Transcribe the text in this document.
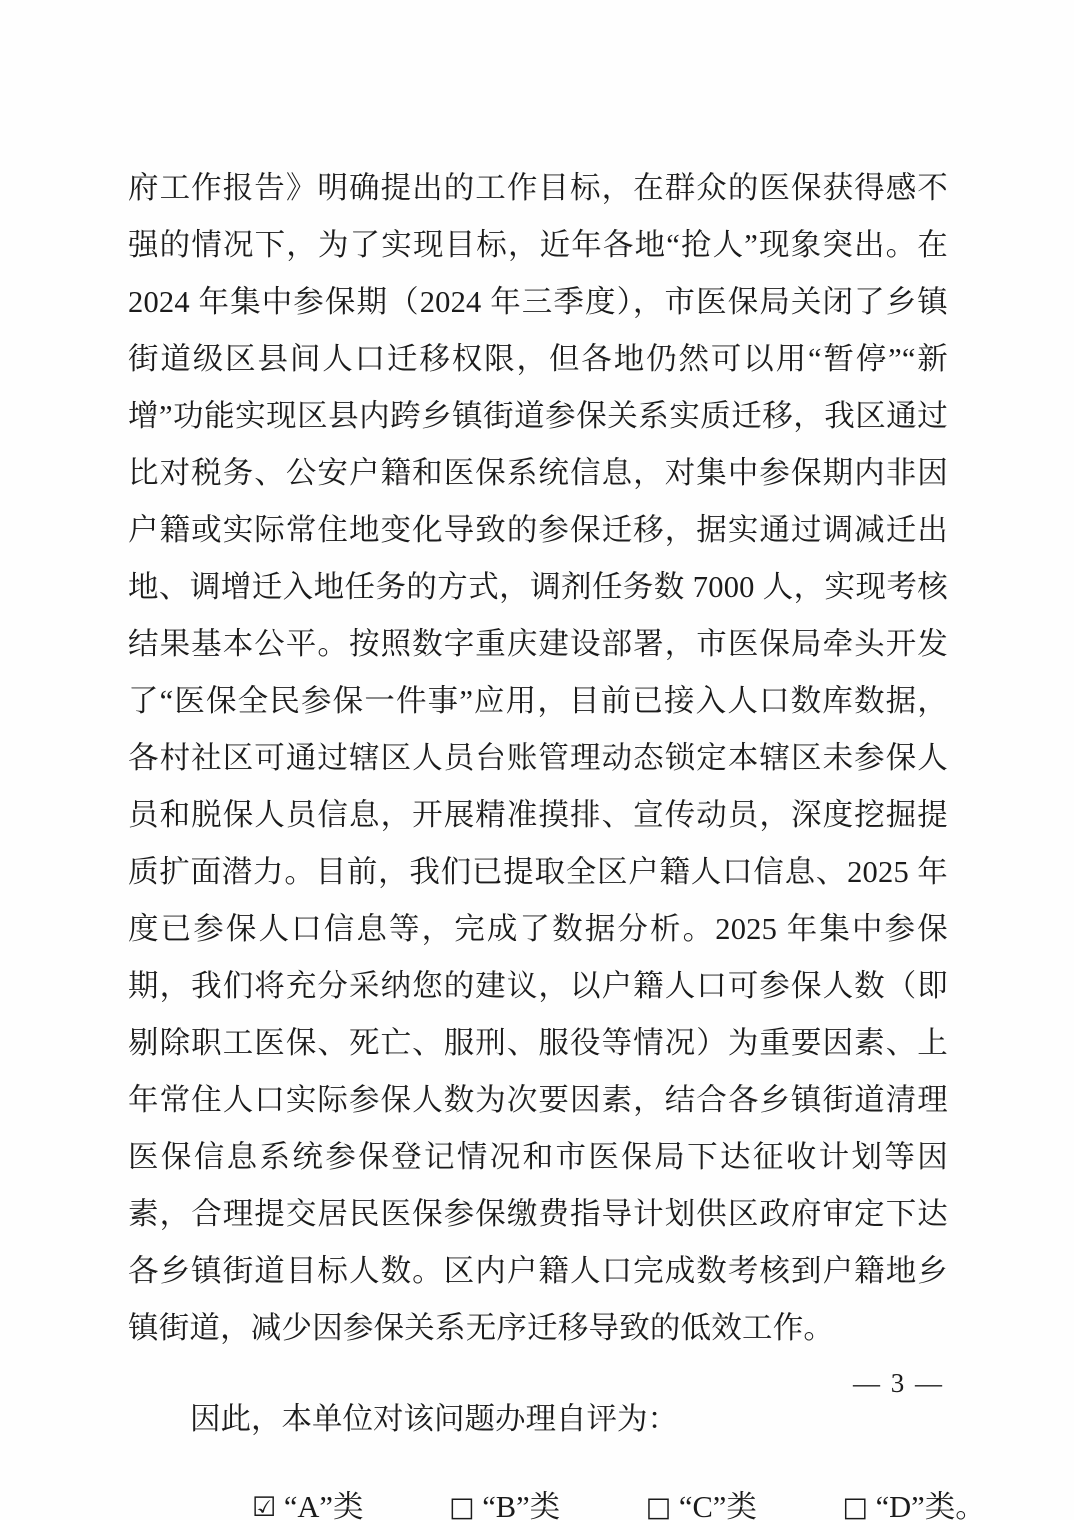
府工作报告》明确提出的工作目标，在群众的医保获得感不强的情况下，为了实现目标，近年各地“抢人”现象突出。在 2024 年集中参保期（2024 年三季度），市医保局关闭了乡镇街道级区县间人口迁移权限，但各地仍然可以用“暂停”“新增”功能实现区县内跨乡镇街道参保关系实质迁移，我区通过比对税务、公安户籍和医保系统信息，对集中参保期内非因户籍或实际常住地变化导致的参保迁移，据实通过调减迁出地、调增迁入地任务的方式，调剂任务数 7000 人，实现考核结果基本公平。按照数字重庆建设部署，市医保局牵头开发了“医保全民参保一件事”应用，目前已接入人口数库数据，各村社区可通过辖区人员台账管理动态锁定本辖区未参保人员和脱保人员信息，开展精准摸排、宣传动员，深度挖掘提质扩面潜力。目前，我们已提取全区户籍人口信息、2025 年度已参保人口信息等，完成了数据分析。2025 年集中参保期，我们将充分采纳您的建议，以户籍人口可参保人数（即剔除职工医保、死亡、服刑、服役等情况）为重要因素、上年常住人口实际参保人数为次要因素，结合各乡镇街道清理医保信息系统参保登记情况和市医保局下达征收计划等因素，合理提交居民医保参保缴费指导计划供区政府审定下达各乡镇街道目标人数。区内户籍人口完成数考核到户籍地乡镇街道，减少因参保关系无序迁移导致的低效工作。

因此，本单位对该问题办理自评为：

☑ “A”类	□ “B”类	□ “C”类	□ “D”类。
— 3 —
